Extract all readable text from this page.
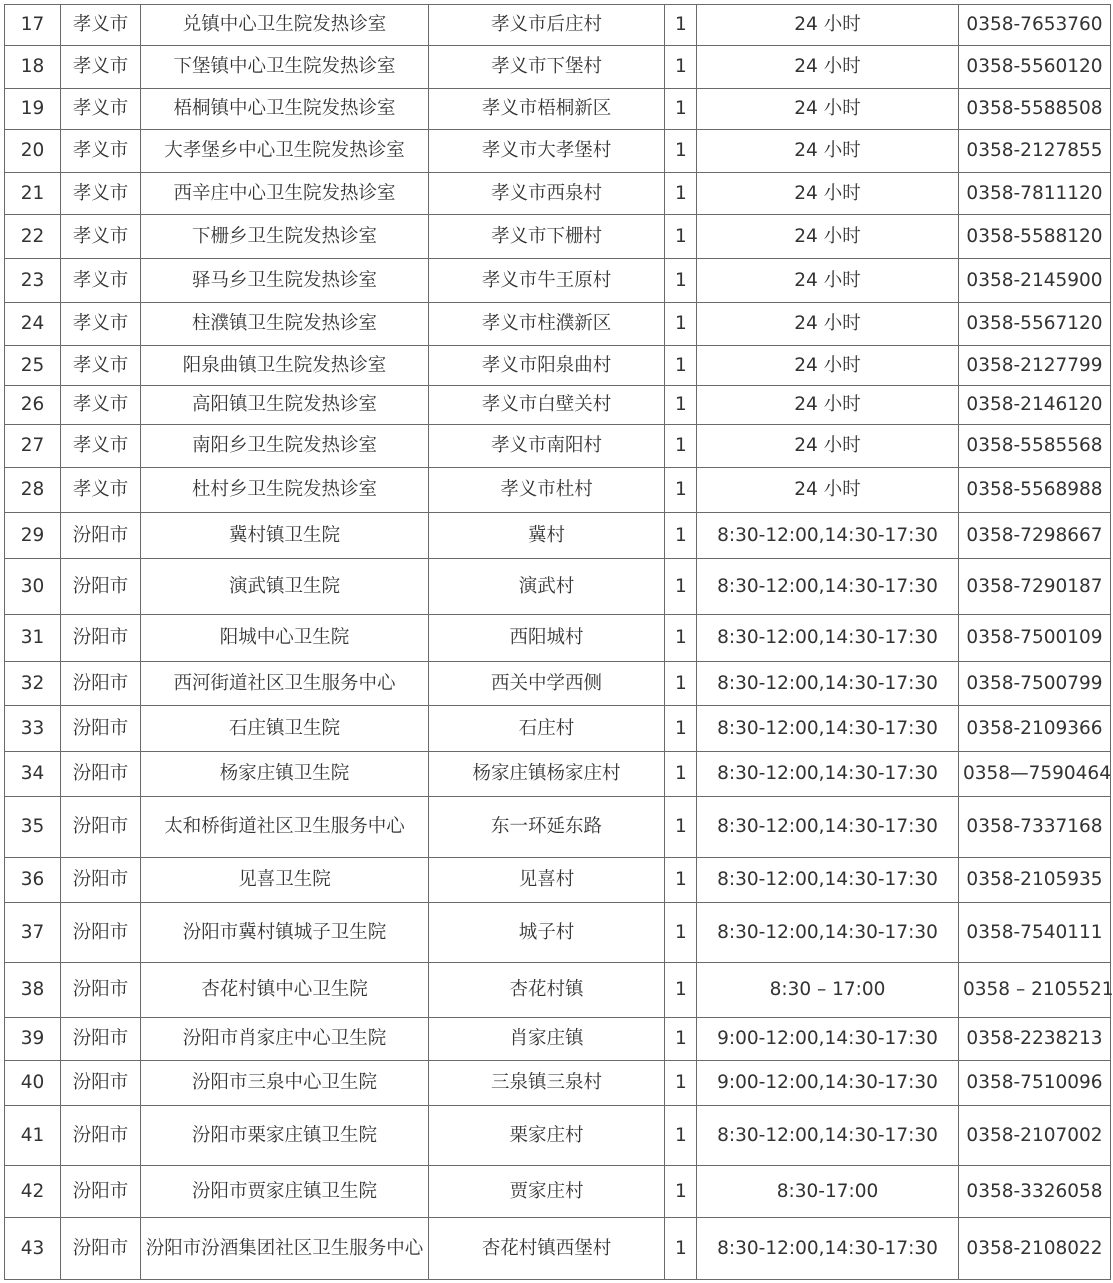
17	孝义市	兑镇中心卫生院发热诊室	孝义市后庄村	1	24 小时	0358-7653760
18	孝义市	下堡镇中心卫生院发热诊室	孝义市下堡村	1	24 小时	0358-5560120
19	孝义市	梧桐镇中心卫生院发热诊室	孝义市梧桐新区	1	24 小时	0358-5588508
20	孝义市	大孝堡乡中心卫生院发热诊室	孝义市大孝堡村	1	24 小时	0358-2127855
21	孝义市	西辛庄中心卫生院发热诊室	孝义市西泉村	1	24 小时	0358-7811120
22	孝义市	下栅乡卫生院发热诊室	孝义市下栅村	1	24 小时	0358-5588120
23	孝义市	驿马乡卫生院发热诊室	孝义市牛王原村	1	24 小时	0358-2145900
24	孝义市	柱濮镇卫生院发热诊室	孝义市柱濮新区	1	24 小时	0358-5567120
25	孝义市	阳泉曲镇卫生院发热诊室	孝义市阳泉曲村	1	24 小时	0358-2127799
26	孝义市	高阳镇卫生院发热诊室	孝义市白壁关村	1	24 小时	0358-2146120
27	孝义市	南阳乡卫生院发热诊室	孝义市南阳村	1	24 小时	0358-5585568
28	孝义市	杜村乡卫生院发热诊室	孝义市杜村	1	24 小时	0358-5568988
29	汾阳市	冀村镇卫生院	冀村	1	8:30-12:00,14:30-17:30	0358-7298667
30	汾阳市	演武镇卫生院	演武村	1	8:30-12:00,14:30-17:30	0358-7290187
31	汾阳市	阳城中心卫生院	西阳城村	1	8:30-12:00,14:30-17:30	0358-7500109
32	汾阳市	西河街道社区卫生服务中心	西关中学西侧	1	8:30-12:00,14:30-17:30	0358-7500799
33	汾阳市	石庄镇卫生院	石庄村	1	8:30-12:00,14:30-17:30	0358-2109366
34	汾阳市	杨家庄镇卫生院	杨家庄镇杨家庄村	1	8:30-12:00,14:30-17:30	0358—7590464
35	汾阳市	太和桥街道社区卫生服务中心	东一环延东路	1	8:30-12:00,14:30-17:30	0358-7337168
36	汾阳市	见喜卫生院	见喜村	1	8:30-12:00,14:30-17:30	0358-2105935
37	汾阳市	汾阳市冀村镇城子卫生院	城子村	1	8:30-12:00,14:30-17:30	0358-7540111
38	汾阳市	杏花村镇中心卫生院	杏花村镇	1	8:30 – 17:00	0358 – 2105521
39	汾阳市	汾阳市肖家庄中心卫生院	肖家庄镇	1	9:00-12:00,14:30-17:30	0358-2238213
40	汾阳市	汾阳市三泉中心卫生院	三泉镇三泉村	1	9:00-12:00,14:30-17:30	0358-7510096
41	汾阳市	汾阳市栗家庄镇卫生院	栗家庄村	1	8:30-12:00,14:30-17:30	0358-2107002
42	汾阳市	汾阳市贾家庄镇卫生院	贾家庄村	1	8:30-17:00	0358-3326058
43	汾阳市	汾阳市汾酒集团社区卫生服务中心	杏花村镇西堡村	1	8:30-12:00,14:30-17:30	0358-2108022
